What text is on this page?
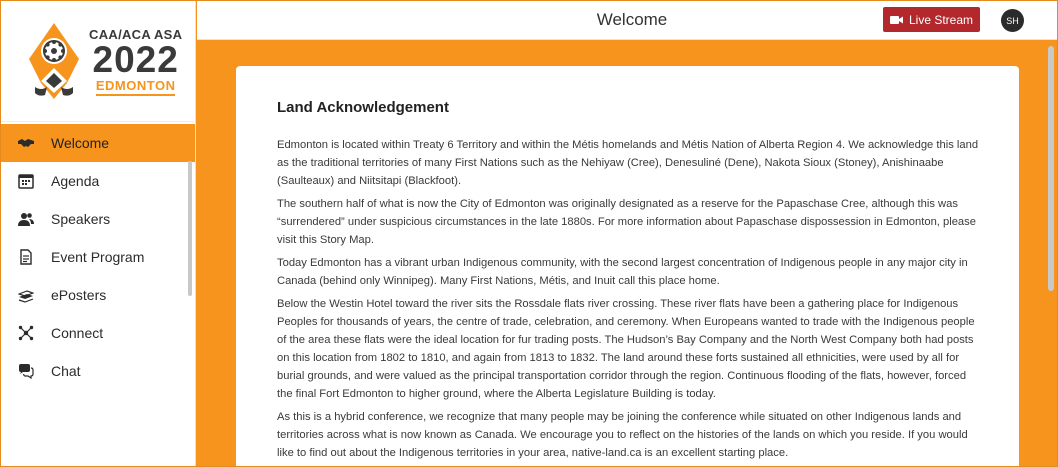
CAA/ACA ASA
2022
EDMONTON
Welcome
Agenda
Speakers
Event Program
ePosters
Connect
Chat
Welcome	Live Stream	SH
Land Acknowledgement

Edmonton is located within Treaty 6 Territory and within the Métis homelands and Métis Nation of Alberta Region 4. We acknowledge this land as the traditional territories of many First Nations such as the Nehiyaw (Cree), Denesuliné (Dene), Nakota Sioux (Stoney), Anishinaabe (Saulteaux) and Niitsitapi (Blackfoot).

The southern half of what is now the City of Edmonton was originally designated as a reserve for the Papaschase Cree, although this was “surrendered” under suspicious circumstances in the late 1880s. For more information about Papaschase dispossession in Edmonton, please visit this Story Map.

Today Edmonton has a vibrant urban Indigenous community, with the second largest concentration of Indigenous people in any major city in Canada (behind only Winnipeg). Many First Nations, Métis, and Inuit call this place home.

Below the Westin Hotel toward the river sits the Rossdale flats river crossing. These river flats have been a gathering place for Indigenous Peoples for thousands of years, the centre of trade, celebration, and ceremony. When Europeans wanted to trade with the Indigenous people of the area these flats were the ideal location for fur trading posts. The Hudson’s Bay Company and the North West Company both had posts on this location from 1802 to 1810, and again from 1813 to 1832. The land around these forts sustained all ethnicities, were used by all for burial grounds, and were valued as the principal transportation corridor through the region. Continuous flooding of the flats, however, forced the final Fort Edmonton to higher ground, where the Alberta Legislature Building is today.

As this is a hybrid conference, we recognize that many people may be joining the conference while situated on other Indigenous lands and territories across what is now known as Canada. We encourage you to reflect on the histories of the lands on which you reside. If you would like to find out about the Indigenous territories in your area, native-land.ca is an excellent starting place.
